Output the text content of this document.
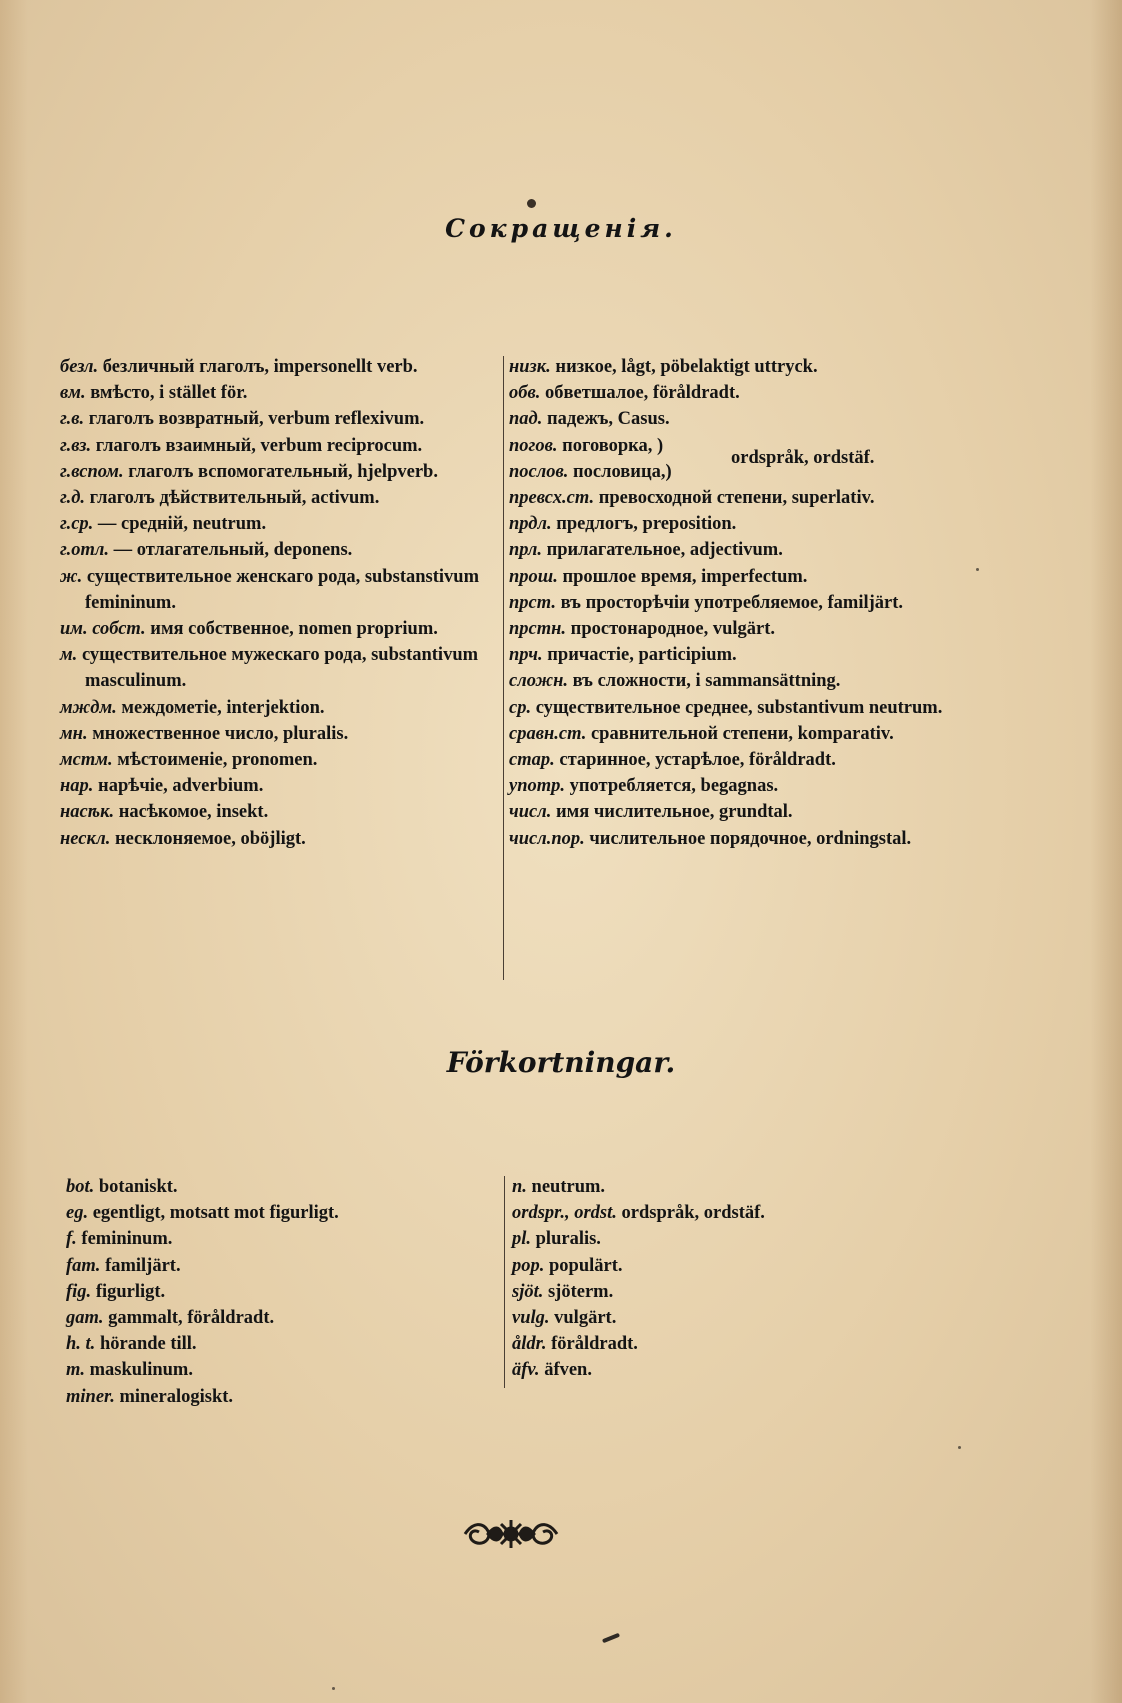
Сокращенія.

безл. безличный глаголъ, impersonellt verb.

вм. вмѣсто, i stället för.

г.в. глаголъ возвратный, verbum reflexivum.

г.вз. глаголъ взаимный, verbum reciprocum.

г.вспом. глаголъ вспомогательный, hjelpverb.

г.д. глаголъ дѣйствительный, activum.

г.ср. — средній, neutrum.

г.отл. — отлагательный, deponens.

ж. существительное женскаго рода, substanstivum femininum.

им. собст. имя собственное, nomen proprium.

м. существительное мужескаго рода, substantivum masculinum.

мждм. междометіе, interjektion.

мн. множественное число, pluralis.

мстм. мѣстоименіе, pronomen.

нар. нарѣчіе, adverbium.

насѣк. насѣкомое, insekt.

нескл. несклоняемое, oböjligt.

низк. низкое, lågt, pöbelaktigt uttryck.

обв. обветшалое, föråldradt.

пад. падежъ, Casus.

погов. поговорка, )

послов. пословица,)

ordspråk, ordstäf.

превсх.ст. превосходной степени, superlativ.

прдл. предлогъ, preposition.

прл. прилагательное, adjectivum.

прош. прошлое время, imperfectum.

прст. въ просторѣчіи употребляемое, familjärt.

прстн. простонародное, vulgärt.

прч. причастіе, participium.

сложн. въ сложности, i sammansättning.

ср. существительное среднее, substantivum neutrum.

сравн.ст. сравнительной степени, komparativ.

стар. старинное, устарѣлое, föråldradt.

употр. употребляется, begagnas.

числ. имя числительное, grundtal.

числ.пор. числительное порядочное, ordningstal.

Förkortningar.

bot. botaniskt.

eg. egentligt, motsatt mot figurligt.

f. femininum.

fam. familjärt.

fig. figurligt.

gam. gammalt, föråldradt.

h. t. hörande till.

m. maskulinum.

miner. mineralogiskt.

n. neutrum.

ordspr., ordst. ordspråk, ordstäf.

pl. pluralis.

pop. populärt.

sjöt. sjöterm.

vulg. vulgärt.

åldr. föråldradt.

äfv. äfven.
